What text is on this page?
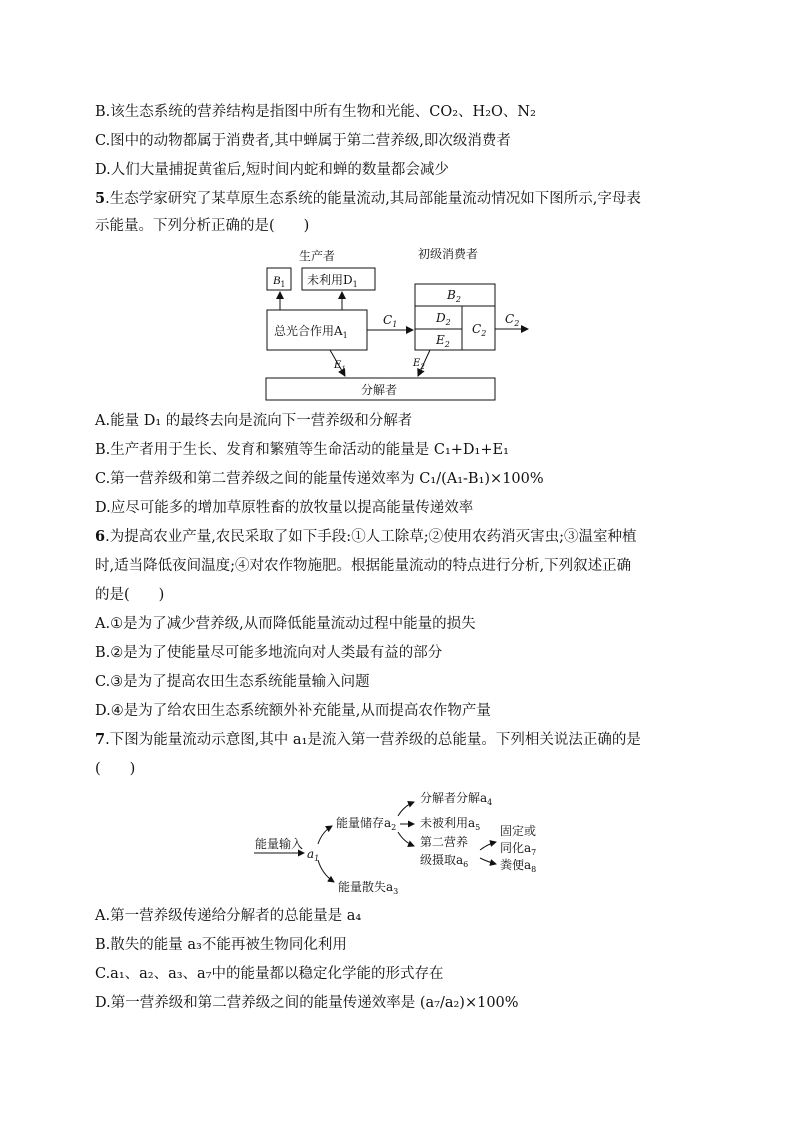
B.该生态系统的营养结构是指图中所有生物和光能、CO₂、H₂O、N₂
C.图中的动物都属于消费者,其中蝉属于第二营养级,即次级消费者
D.人们大量捕捉黄雀后,短时间内蛇和蝉的数量都会减少
5.生态学家研究了某草原生态系统的能量流动,其局部能量流动情况如下图所示,字母表
示能量。下列分析正确的是(　　)
生产者	初级消费者
$B_1$ 未利用$D_1$
总光合作用$A_1$
$C_1$
$B_2$
$D_2$
$E_2$
$C_2$
$C_2$
$E_1$	$E_2$
分解者
A.能量 D₁ 的最终去向是流向下一营养级和分解者
B.生产者用于生长、发育和繁殖等生命活动的能量是 C₁+D₁+E₁
C.第一营养级和第二营养级之间的能量传递效率为 C₁/(A₁-B₁)×100%
D.应尽可能多的增加草原牲畜的放牧量以提高能量传递效率
6.为提高农业产量,农民采取了如下手段:①人工除草;②使用农药消灭害虫;③温室种植
时,适当降低夜间温度;④对农作物施肥。根据能量流动的特点进行分析,下列叙述正确
的是(　　)
A.①是为了减少营养级,从而降低能量流动过程中能量的损失
B.②是为了使能量尽可能多地流向对人类最有益的部分
C.③是为了提高农田生态系统能量输入问题
D.④是为了给农田生态系统额外补充能量,从而提高农作物产量
7.下图为能量流动示意图,其中 a₁是流入第一营养级的总能量。下列相关说法正确的是
(　　)
能量输入
$a_1$
能量储存$a_2$
分解者分解$a_4$
未被利用$a_5$
第二营养
级摄取$a_6$
固定或
同化$a_7$
粪便$a_8$
能量散失$a_3$
A.第一营养级传递给分解者的总能量是 a₄
B.散失的能量 a₃不能再被生物同化利用
C.a₁、a₂、a₃、a₇中的能量都以稳定化学能的形式存在
D.第一营养级和第二营养级之间的能量传递效率是 (a₇/a₂)×100%
